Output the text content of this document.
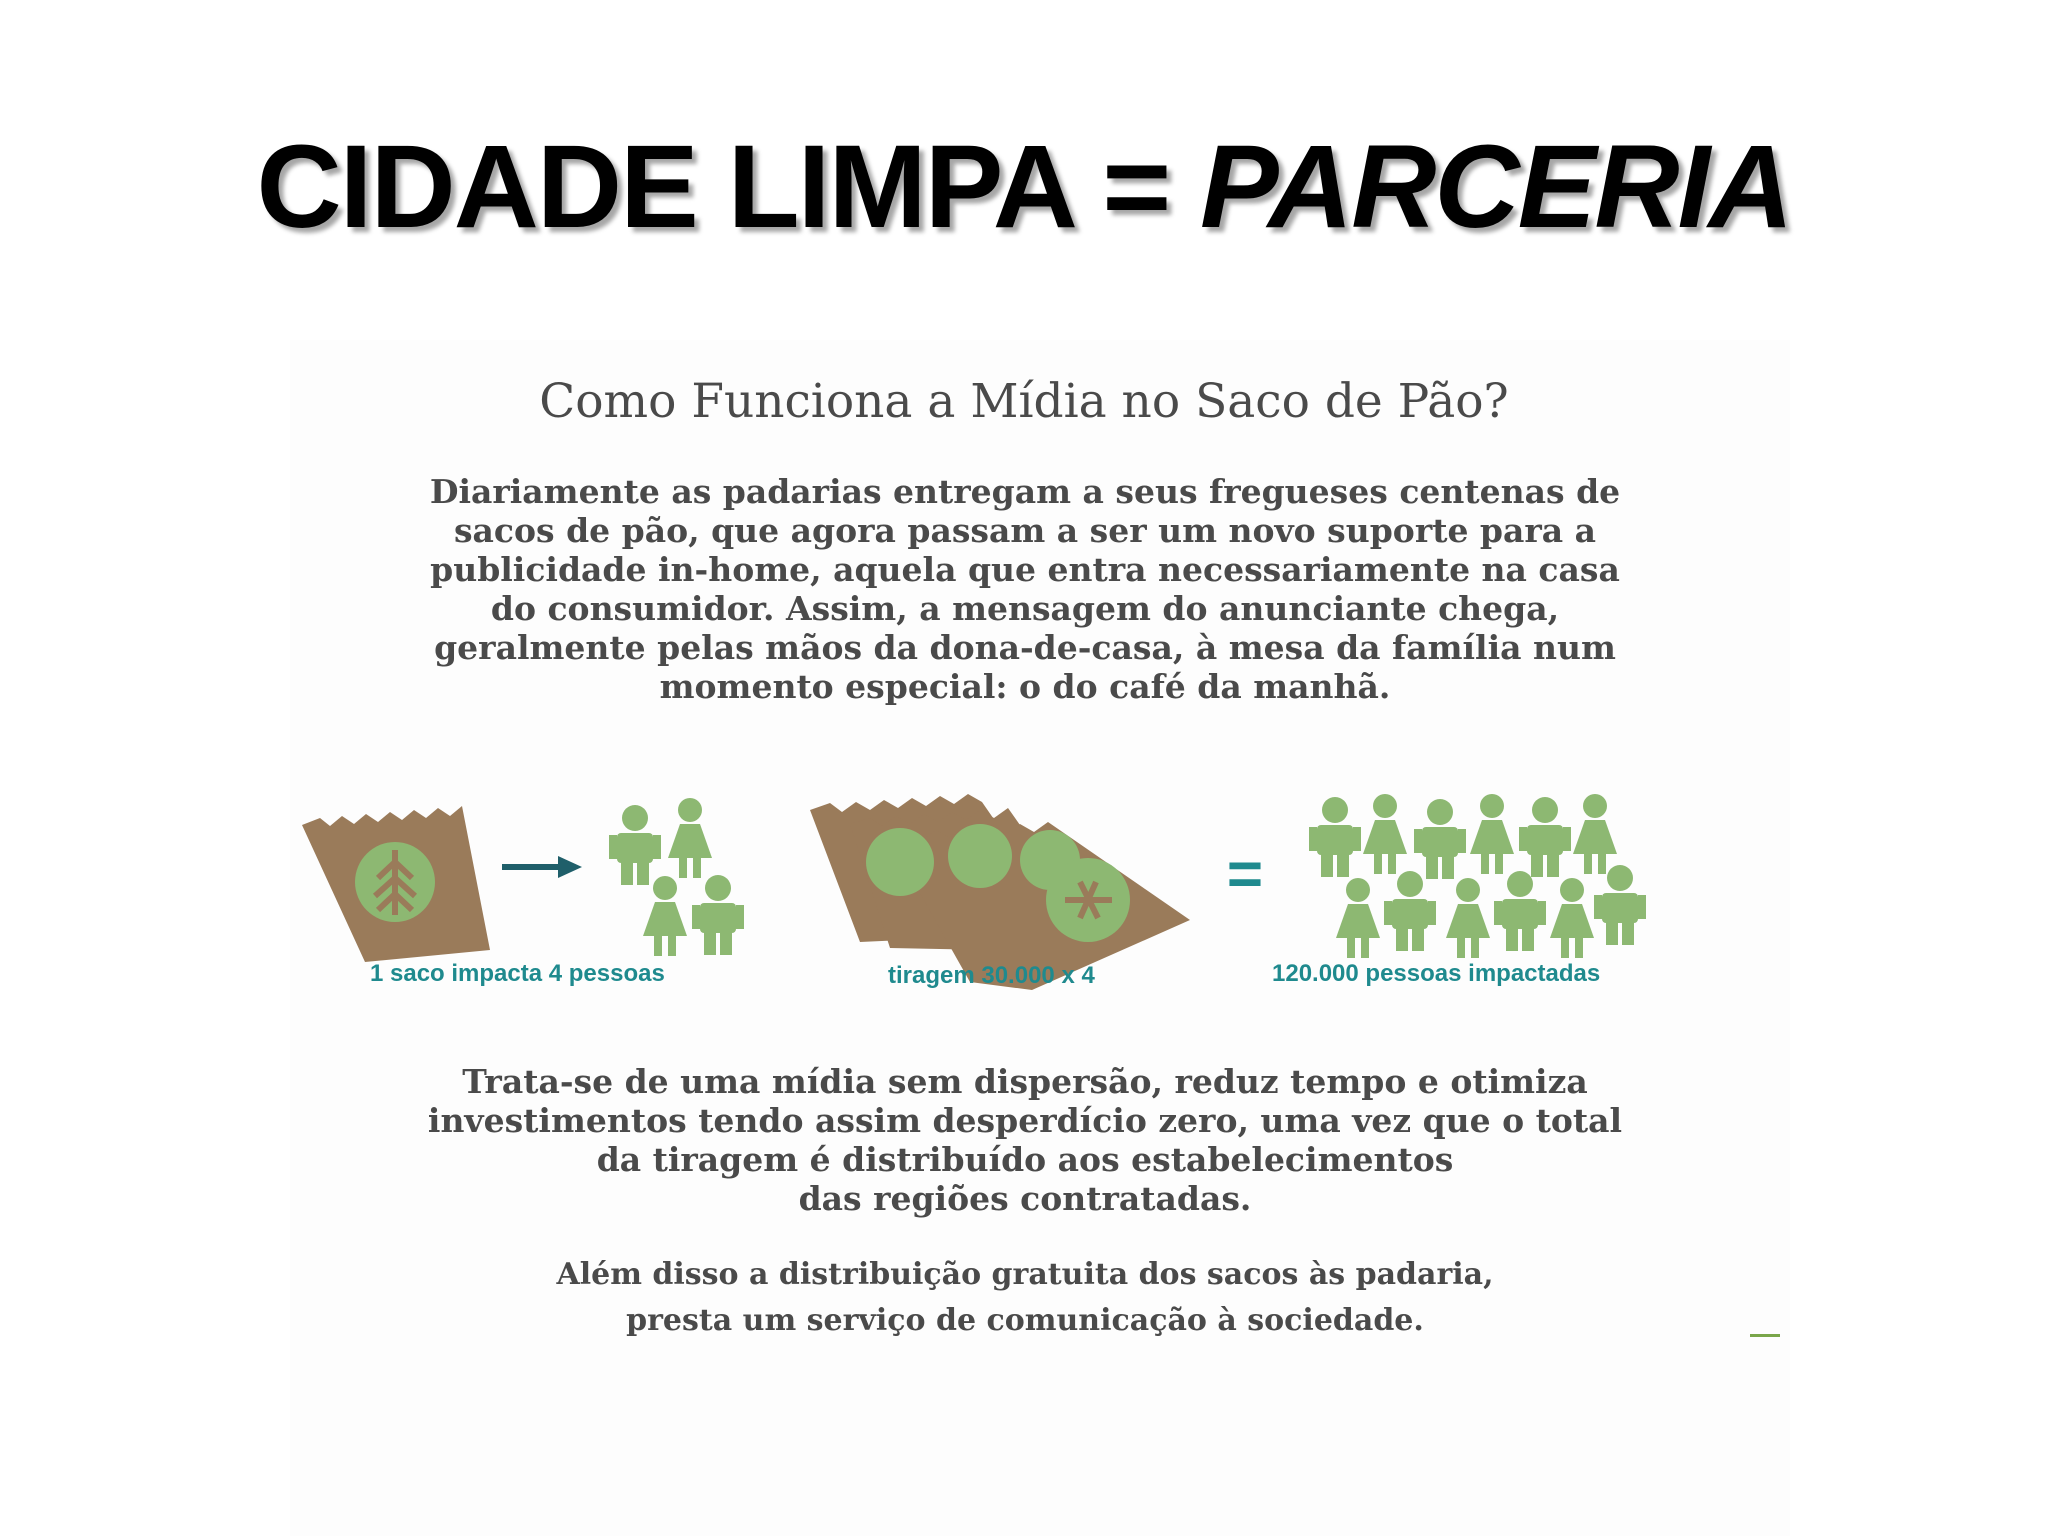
CIDADE LIMPA = PARCERIA
Como Funciona a Mídia no Saco de Pão?
Diariamente as padarias entregam a seus fregueses centenas de
sacos de pão, que agora passam a ser um novo suporte para a
publicidade in-home, aquela que entra necessariamente na casa
do consumidor. Assim, a mensagem do anunciante chega,
geralmente pelas mãos da dona-de-casa, à mesa da família num
momento especial: o do café da manhã.
=
1 saco impacta 4 pessoas	tiragem 30.000 x 4	120.000 pessoas impactadas
Trata-se de uma mídia sem dispersão, reduz tempo e otimiza
investimentos tendo assim desperdício zero, uma vez que o total
da tiragem é distribuído aos estabelecimentos
das regiões contratadas.
Além disso a distribuição gratuita dos sacos às padaria,
presta um serviço de comunicação à sociedade.
